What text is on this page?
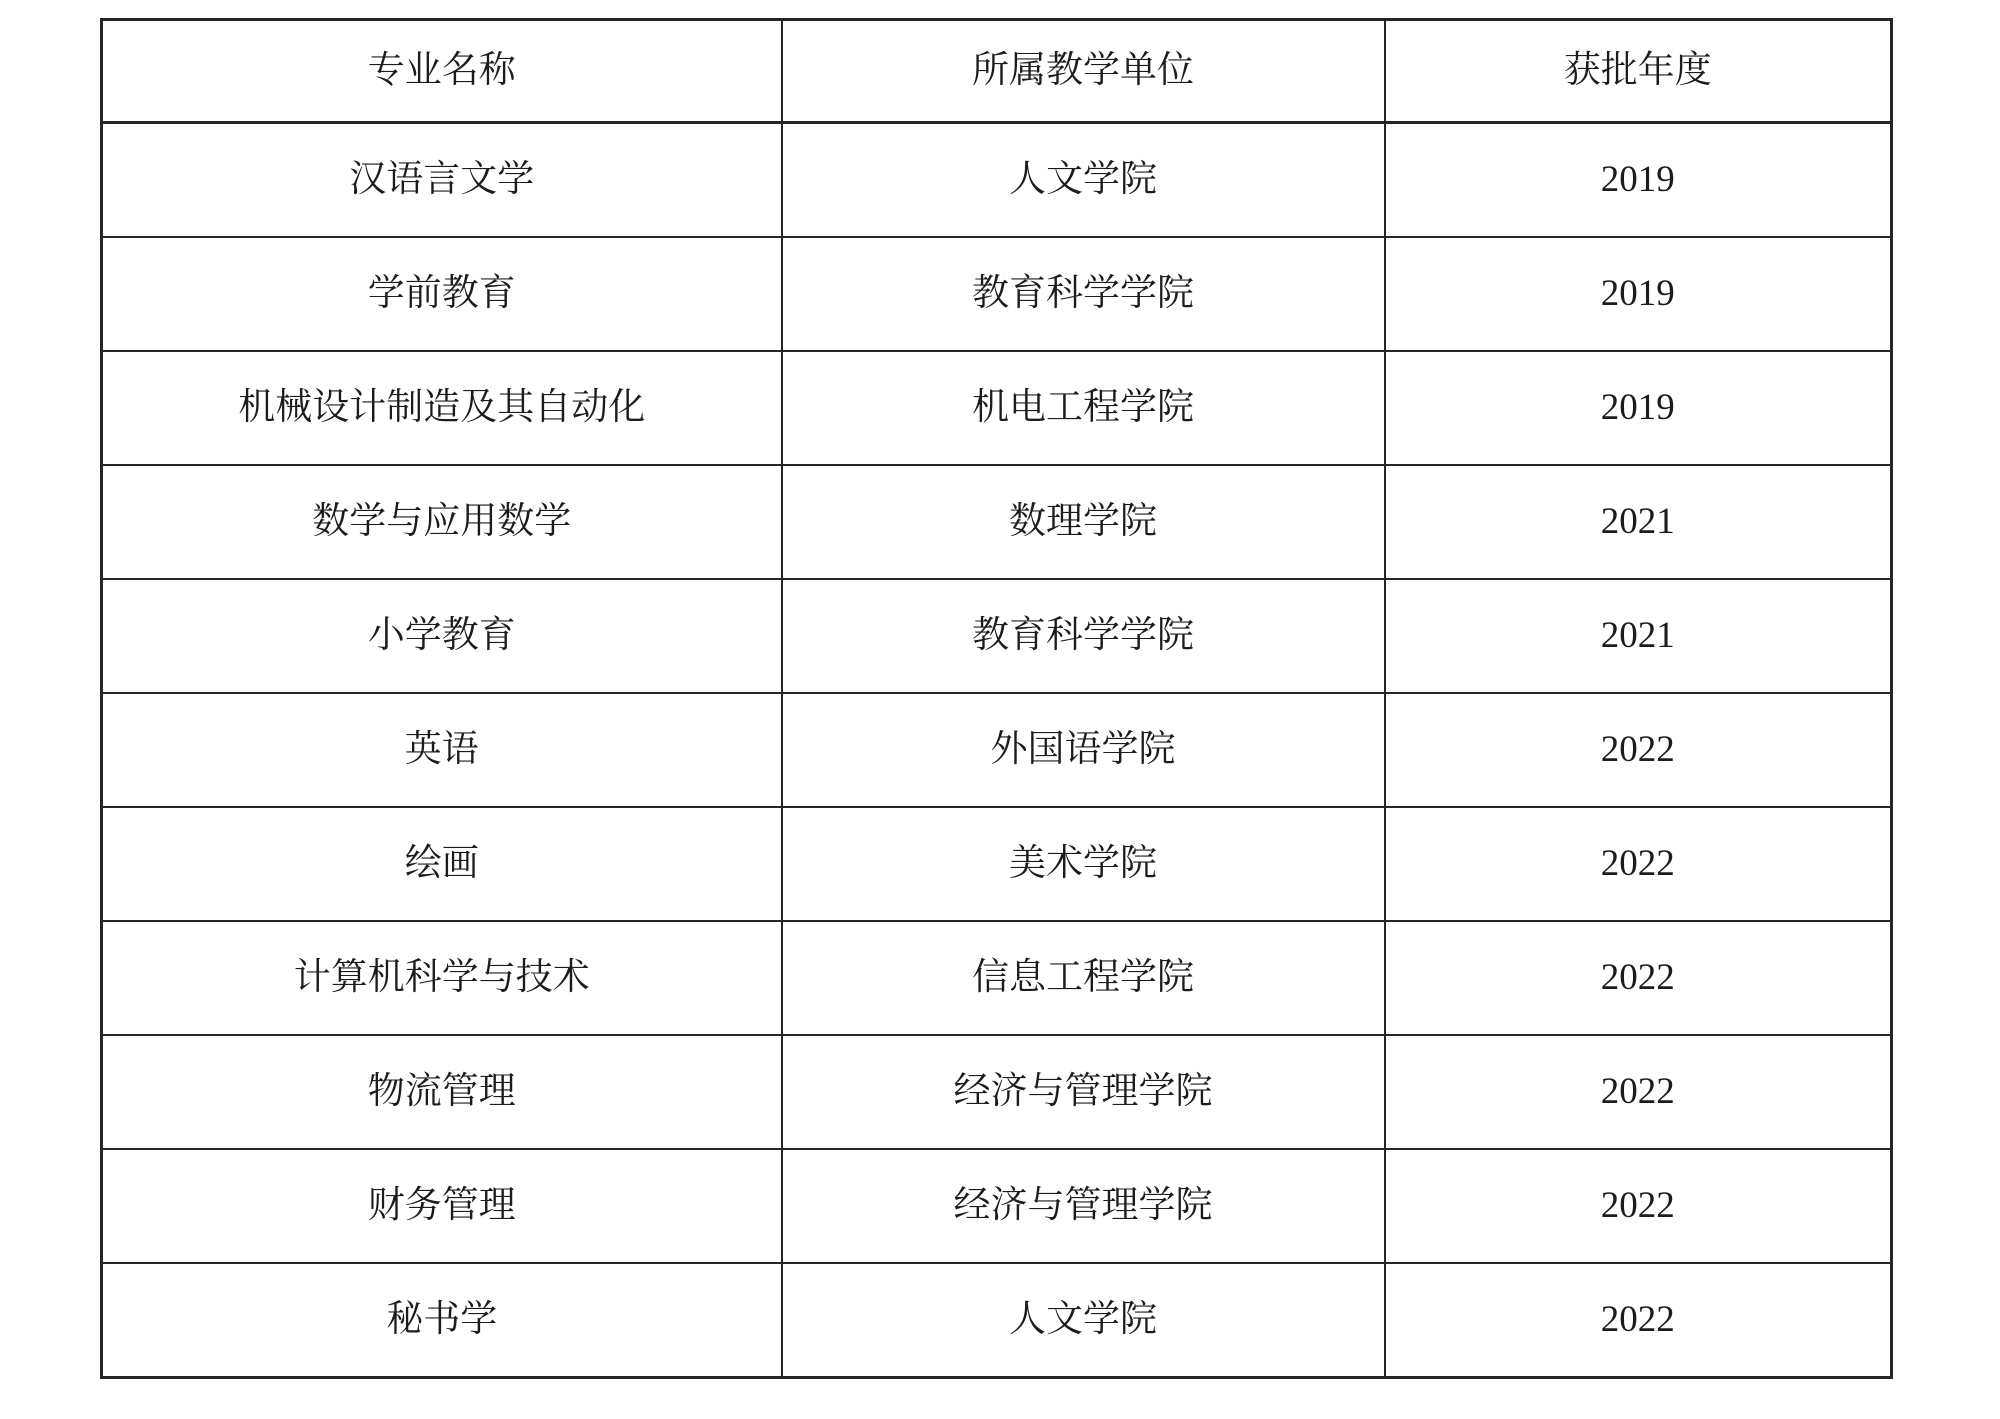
专业名称	所属教学单位	获批年度
汉语言文学	人文学院	2019
学前教育	教育科学学院	2019
机械设计制造及其自动化	机电工程学院	2019
数学与应用数学	数理学院	2021
小学教育	教育科学学院	2021
英语	外国语学院	2022
绘画	美术学院	2022
计算机科学与技术	信息工程学院	2022
物流管理	经济与管理学院	2022
财务管理	经济与管理学院	2022
秘书学	人文学院	2022
